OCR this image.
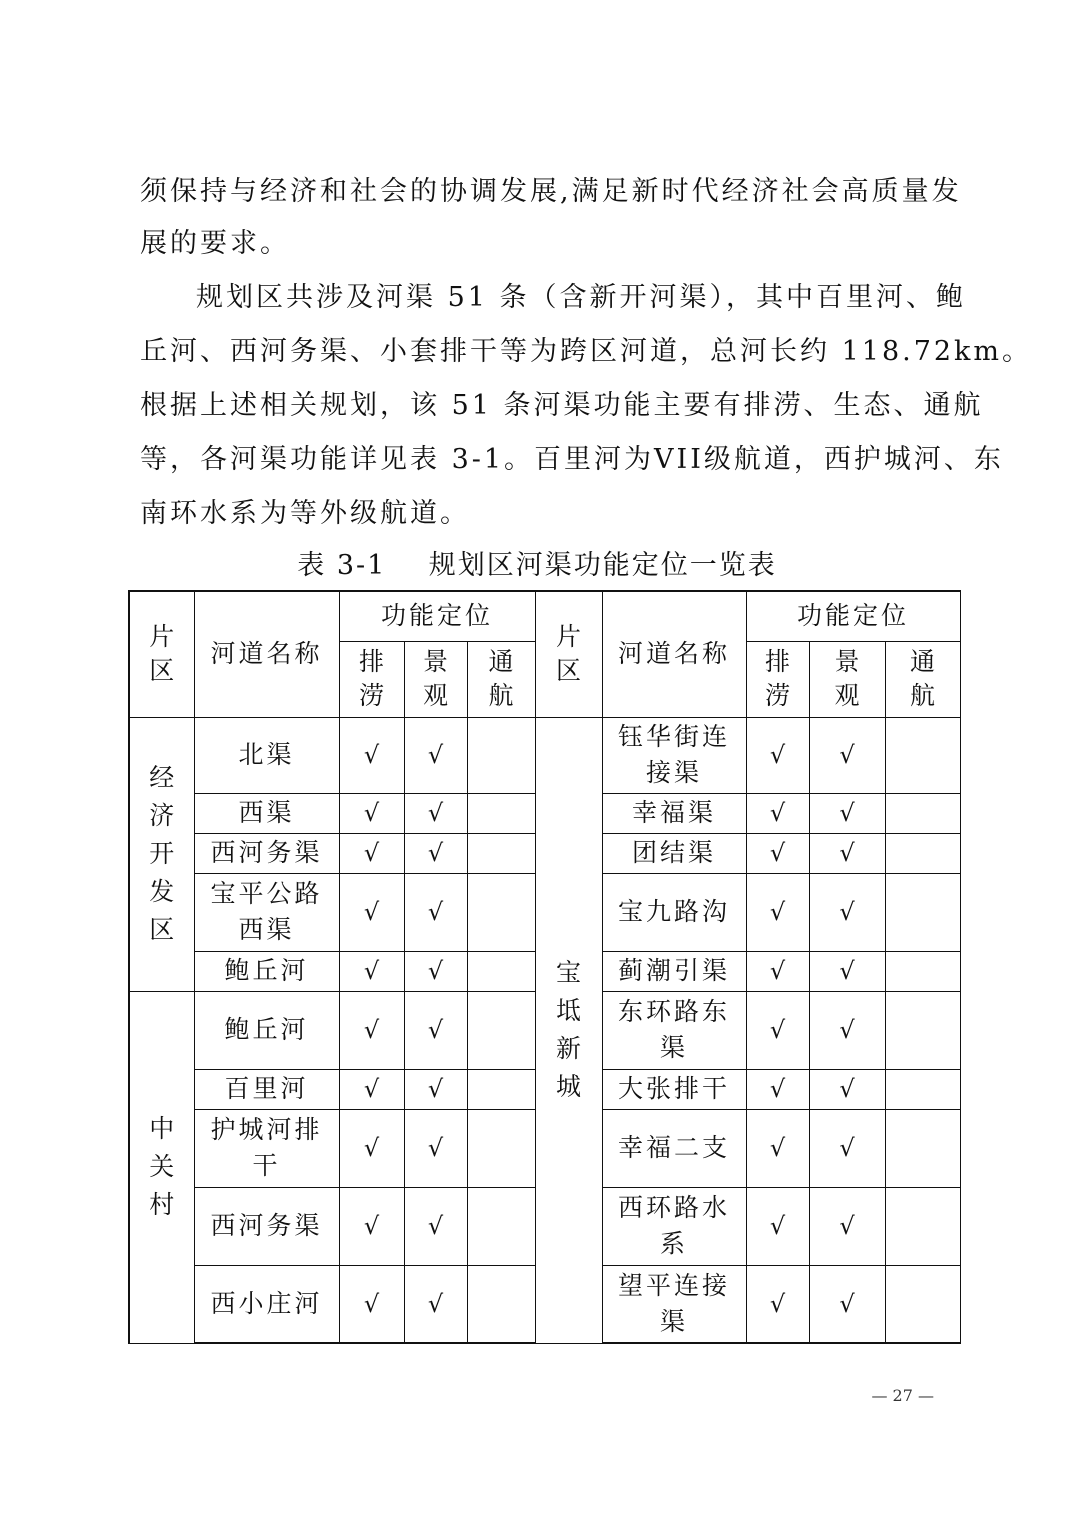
须保持与经济和社会的协调发展,满足新时代经济社会高质量发
展的要求。
规划区共涉及河渠 51 条（含新开河渠），其中百里河、鲍
丘河、西河务渠、小套排干等为跨区河道，总河长约 118.72km。
根据上述相关规划，该 51 条河渠功能主要有排涝、生态、通航
等，各河渠功能详见表 3-1。百里河为VII级航道，西护城河、东
南环水系为等外级航道。
表 3-1    规划区河渠功能定位一览表
片区	河道名称	功能定位			片区	河道名称	功能定位		
		排涝	景观	通航			排涝	景观	通航
经济开发区	北渠	√	√		宝坻新城	钰华街连接渠	√	√	
	西渠	√	√			幸福渠	√	√	
	西河务渠	√	√			团结渠	√	√	
	宝平公路西渠	√	√			宝九路沟	√	√	
	鲍丘河	√	√			蓟潮引渠	√	√	
中关村	鲍丘河	√	√			东环路东渠	√	√	
	百里河	√	√			大张排干	√	√	
	护城河排干	√	√			幸福二支	√	√	
	西河务渠	√	√			西环路水系	√	√	
	西小庄河	√	√			望平连接渠	√	√	
— 27 —
